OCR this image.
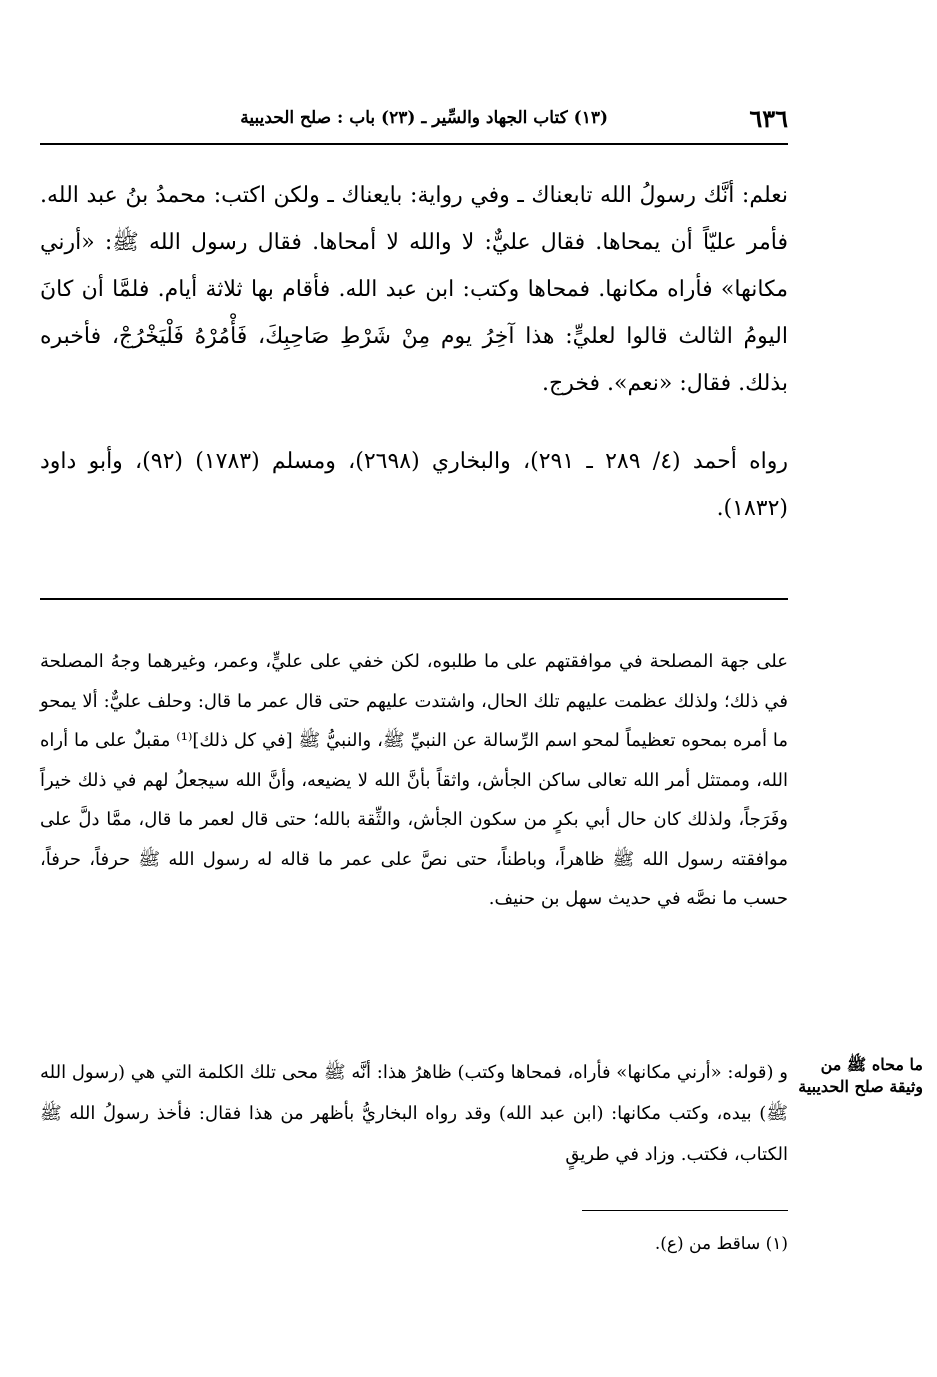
٦٣٦
(١٣) كتاب الجهاد والسِّير ـ (٢٣) باب : صلح الحديبية
نعلم: أنَّك رسولُ الله تابعناك ـ وفي رواية: بايعناك ـ ولكن اكتب: محمدُ بنُ عبد الله. فأمر عليّاً أن يمحاها. فقال عليٌّ: لا والله لا أمحاها. فقال رسول الله ﷺ: «أرني مكانها» فأراه مكانها. فمحاها وكتب: ابن عبد الله. فأقام بها ثلاثة أيام. فلمَّا أن كانَ اليومُ الثالث قالوا لعليٍّ: هذا آخِرُ يوم مِنْ شَرْطِ صَاحِبِكَ، فَأْمُرْهُ فَلْيَخْرُجْ، فأخبره بذلك. فقال: «نعم». فخرج.
رواه أحمد (٤/ ٢٨٩ ـ ٢٩١)، والبخاري (٢٦٩٨)، ومسلم (١٧٨٣) (٩٢)، وأبو داود (١٨٣٢).
على جهة المصلحة في موافقتهم على ما طلبوه، لكن خفي على عليٍّ، وعمر، وغيرهما وجهُ المصلحة في ذلك؛ ولذلك عظمت عليهم تلك الحال، واشتدت عليهم حتى قال عمر ما قال: وحلف عليٌّ: ألا يمحو ما أمره بمحوه تعظيماً لمحو اسم الرِّسالة عن النبيِّ ﷺ، والنبيُّ ﷺ [في كل ذلك]⁽¹⁾ مقبلٌ على ما أراه الله، وممتثل أمر الله تعالى ساكن الجأش، واثقاً بأنَّ الله لا يضيعه، وأنَّ الله سيجعلُ لهم في ذلك خيراً وفَرَجاً، ولذلك كان حال أبي بكرٍ من سكون الجأش، والثِّقة بالله؛ حتى قال لعمر ما قال، ممَّا دلَّ على موافقته رسول الله ﷺ ظاهراً، وباطناً، حتى نصَّ على عمر ما قاله له رسول الله ﷺ حرفاً، حرفاً، حسب ما نصَّه في حديث سهل بن حنيف.
ما محاه ﷺ من وثيقة صلح الحديبية
و (قوله: «أرني مكانها» فأراه، فمحاها وكتب) ظاهرُ هذا: أنَّه ﷺ محى تلك الكلمة التي هي (رسول الله ﷺ) بيده، وكتب مكانها: (ابن عبد الله) وقد رواه البخاريُّ بأظهر من هذا فقال: فأخذ رسولُ الله ﷺ الكتاب، فكتب. وزاد في طريقٍ
(١) ساقط من (ع).
